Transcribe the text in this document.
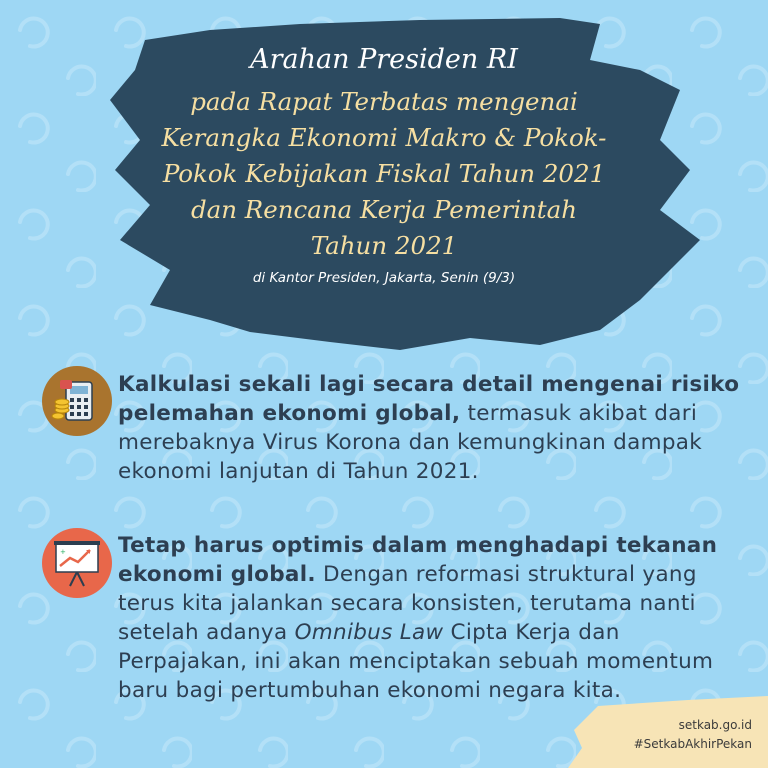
Arahan Presiden RI
pada Rapat Terbatas mengenai
Kerangka Ekonomi Makro & Pokok-
Pokok Kebijakan Fiskal Tahun 2021
dan Rencana Kerja Pemerintah
Tahun 2021
di Kantor Presiden, Jakarta, Senin (9/3)
Kalkulasi sekali lagi secara detail mengenai risiko pelemahan ekonomi global, termasuk akibat dari merebaknya Virus Korona dan kemungkinan dampak ekonomi lanjutan di Tahun 2021.
+ Tetap harus optimis dalam menghadapi tekanan ekonomi global. Dengan reformasi struktural yang terus kita jalankan secara konsisten, terutama nanti setelah adanya Omnibus Law Cipta Kerja dan Perpajakan, ini akan menciptakan sebuah momentum baru bagi pertumbuhan ekonomi negara kita.
setkab.go.id
#SetkabAkhirPekan
